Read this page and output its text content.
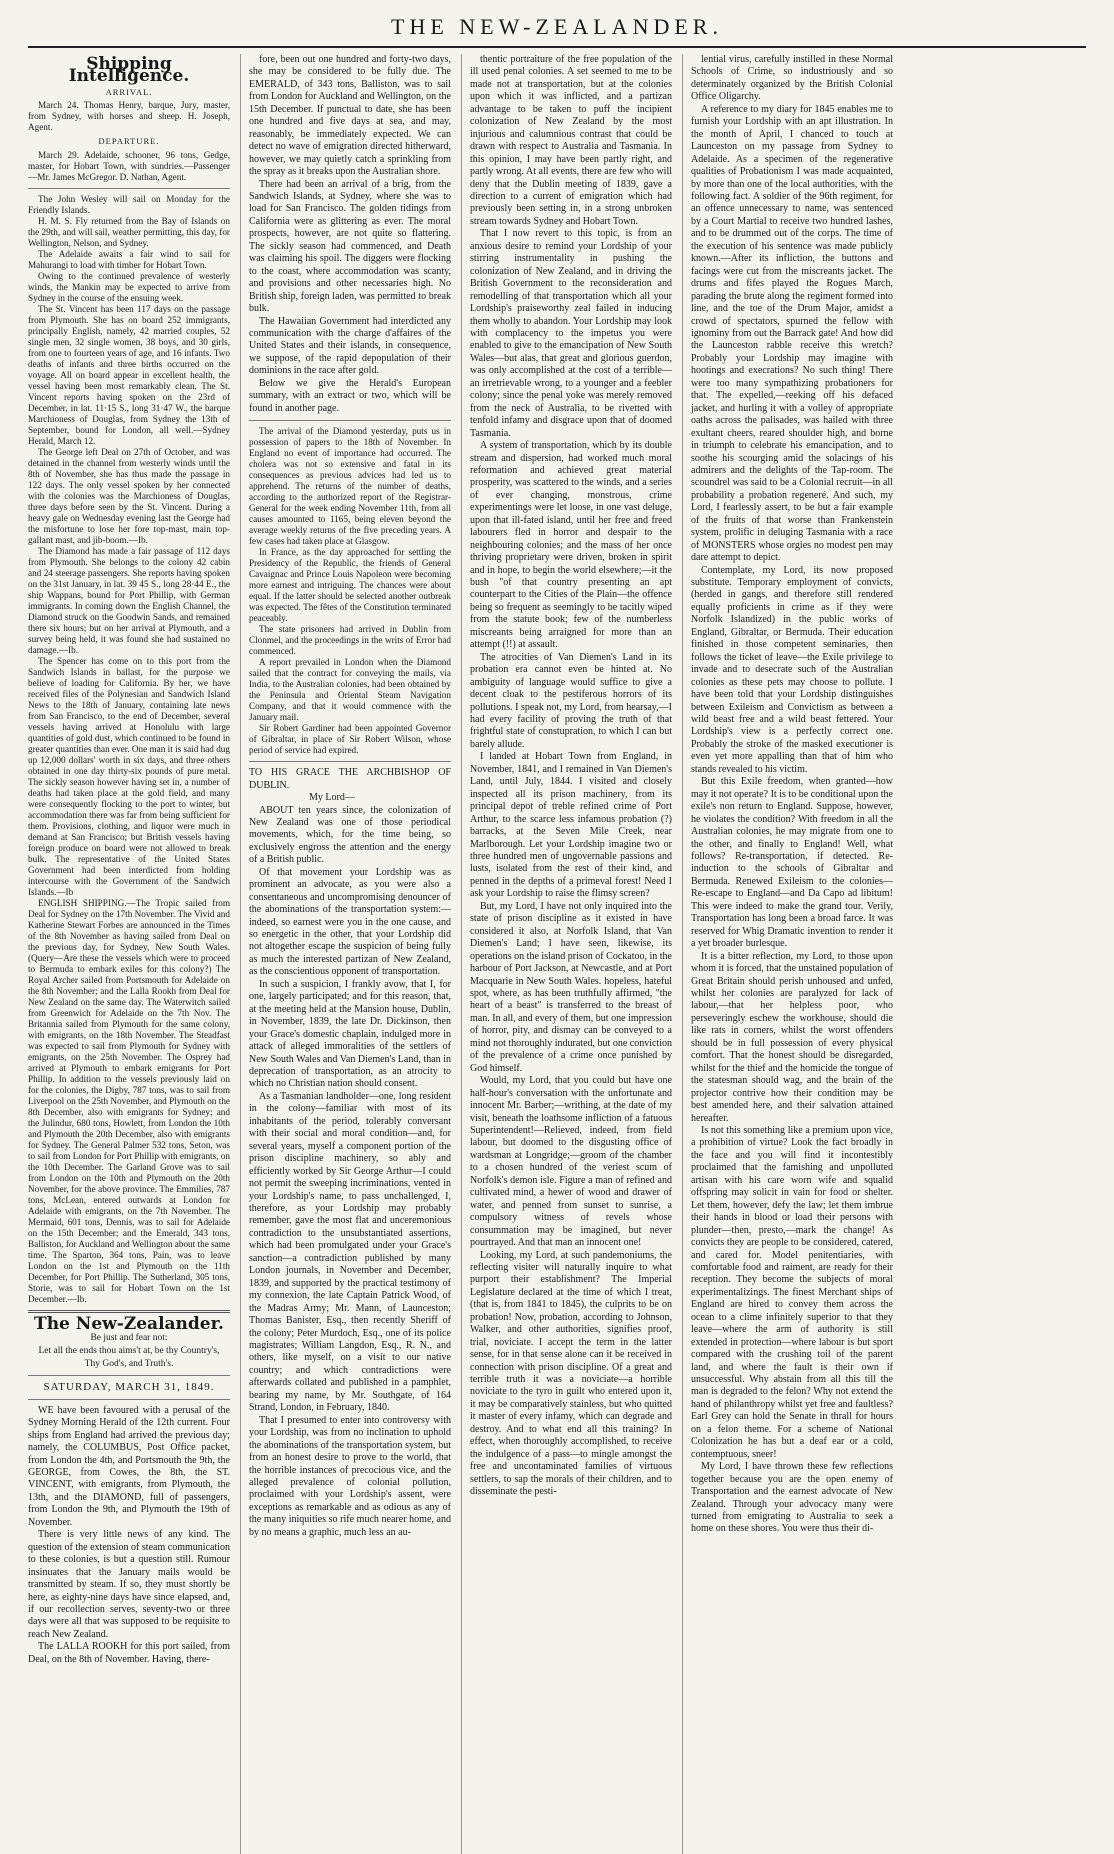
THE NEW-ZEALANDER.
Shipping Intelligence.
ARRIVAL.

March 24. Thomas Henry, barque, Jury, master, from Sydney, with horses and sheep. H. Joseph, Agent.

DEPARTURE.

March 29. Adelaide, schooner, 96 tons, Gedge, master, for Hobart Town, with sundries.—Passenger —Mr. James McGregor. D. Nathan, Agent.

The John Wesley will sail on Monday for the Friendly Islands.

H. M. S. Fly returned from the Bay of Islands on the 29th, and will sail, weather permitting, this day, for Wellington, Nelson, and Sydney.

The Adelaide awaits a fair wind to sail for Mahurangi to load with timber for Hobart Town.

Owing to the continued prevalence of westerly winds, the Mankin may be expected to arrive from Sydney in the course of the ensuing week.

The St. Vincent has been 117 days on the passage from Plymouth. She has on board 252 immigrants, principally English, namely, 42 married couples, 52 single men, 32 single women, 38 boys, and 30 girls, from one to fourteen years of age, and 16 infants. Two deaths of infants and three births occurred on the voyage. All on board appear in excellent health, the vessel having been most remarkably clean. The St. Vincent reports having spoken on the 23rd of December, in lat. 11·15 S., long 31·47 W., the barque Marchioness of Douglas, from Sydney the 13th of September, bound for London, all well.—Sydney Herald, March 12.

The George left Deal on 27th of October, and was detained in the channel from westerly winds until the 8th of November, she has thus made the passage in 122 days. The only vessel spoken by her connected with the colonies was the Marchioness of Douglas, three days before seen by the St. Vincent. During a heavy gale on Wednesday evening last the George had the misfortune to lose her fore top-mast, main top-gallant mast, and jib-boom.—Ib.

The Diamond has made a fair passage of 112 days from Plymouth. She belongs to the colony 42 cabin and 24 steerage passengers. She reports having spoken on the 31st January, in lat. 39 45 S., long 28·44 E., the ship Wappans, bound for Port Phillip, with German immigrants. In coming down the English Channel, the Diamond struck on the Goodwin Sands, and remained there six hours; but on her arrival at Plymouth, and a survey being held, it was found she had sustained no damage.—Ib.

The Spencer has come on to this port from the Sandwich Islands in ballast, for the purpose we believe of loading for California. By her, we have received files of the Polynesian and Sandwich Island News to the 18th of January, containing late news from San Francisco, to the end of December, several vessels having arrived at Honolulu with large quantities of gold dust, which continued to be found in greater quantities than ever. One man it is said had dug up 12,000 dollars' worth in six days, and three others obtained in one day thirty-six pounds of pure metal. The sickly season however having set in, a number of deaths had taken place at the gold field, and many were consequently flocking to the port to winter, but accommodation there was far from being sufficient for them. Provisions, clothing, and liquor were much in demand at San Francisco; but British vessels having foreign produce on board were not allowed to break bulk. The representative of the United States Government had been interdicted from holding intercourse with the Government of the Sandwich Islands.—Ib

ENGLISH SHIPPING.—The Tropic sailed from Deal for Sydney on the 17th November. The Vivid and Katherine Stewart Forbes are announced in the Times of the 8th November as having sailed from Deal on the previous day, for Sydney, New South Wales. (Query—Are these the vessels which were to proceed to Bermuda to embark exiles for this colony?) The Royal Archer sailed from Portsmouth for Adelaide on the 8th November; and the Lalla Rookh from Deal for New Zealand on the same day. The Waterwitch sailed from Greenwich for Adelaide on the 7th Nov. The Britannia sailed from Plymouth for the same colony, with emigrants, on the 18th November. The Steadfast was expected to sail from Plymouth for Sydney with emigrants, on the 25th November. The Osprey had arrived at Plymouth to embark emigrants for Port Phillip. In addition to the vessels previously laid on for the colonies, the Digby, 787 tons, was to sail from Liverpool on the 25th November, and Plymouth on the 8th December, also with emigrants for Sydney; and the Julindur, 680 tons, Howlett, from London the 10th and Plymouth the 20th December, also with emigrants for Sydney. The General Palmer 532 tons, Seton, was to sail from London for Port Phillip with emigrants, on the 10th December. The Garland Grove was to sail from London on the 10th and Plymouth on the 20th November, for the above province. The Emmilies, 787 tons, McLean, entered outwards at London for Adelaide with emigrants, on the 7th November. The Mermaid, 601 tons, Dennis, was to sail for Adelaide on the 15th December; and the Emerald, 343 tons, Balliston, for Auckland and Wellington about the same time. The Sparton, 364 tons, Pain, was to leave London on the 1st and Plymouth on the 11th December, for Port Phillip. The Sutherland, 305 tons, Storie, was to sail for Hobart Town on the 1st December.—Ib.

The New-Zealander.
Be just and fear not:
Let all the ends thou aims't at, be thy Country's,
Thy God's, and Truth's.
SATURDAY, MARCH 31, 1849.

WE have been favoured with a perusal of the Sydney Morning Herald of the 12th current. Four ships from England had arrived the previous day; namely, the COLUMBUS, Post Office packet, from London the 4th, and Portsmouth the 9th, the GEORGE, from Cowes, the 8th, the ST. VINCENT, with emigrants, from Plymouth, the 13th, and the DIAMOND, full of passengers, from London the 9th, and Plymouth the 19th of November.

There is very little news of any kind. The question of the extension of steam communication to these colonies, is but a question still. Rumour insinuates that the January mails would be transmitted by steam. If so, they must shortly be here, as eighty-nine days have since elapsed, and, if our recollection serves, seventy-two or three days were all that was supposed to be requisite to reach New Zealand.

The LALLA ROOKH for this port sailed, from Deal, on the 8th of November. Having, there-

fore, been out one hundred and forty-two days, she may be considered to be fully due. The EMERALD, of 343 tons, Balliston, was to sail from London for Auckland and Wellington, on the 15th December. If punctual to date, she has been one hundred and five days at sea, and may, reasonably, be immediately expected. We can detect no wave of emigration directed hitherward, however, we may quietly catch a sprinkling from the spray as it breaks upon the Australian shore.

There had been an arrival of a brig, from the Sandwich Islands, at Sydney, where she was to load for San Francisco. The golden tidings from California were as glittering as ever. The moral prospects, however, are not quite so flattering. The sickly season had commenced, and Death was claiming his spoil. The diggers were flocking to the coast, where accommodation was scanty, and provisions and other necessaries high. No British ship, foreign laden, was permitted to break bulk.

The Hawaiian Government had interdicted any communication with the charge d'affaires of the United States and their islands, in consequence, we suppose, of the rapid depopulation of their dominions in the race after gold.

Below we give the Herald's European summary, with an extract or two, which will be found in another page.

The arrival of the Diamond yesterday, puts us in possession of papers to the 18th of November. In England no event of importance had occurred. The cholera was not so extensive and fatal in its consequences as previous advices had led us to apprehend. The returns of the number of deaths, according to the authorized report of the Registrar-General for the week ending November 11th, from all causes amounted to 1165, being eleven beyond the average weekly returns of the five preceding years. A few cases had taken place at Glasgow.

In France, as the day approached for settling the Presidency of the Republic, the friends of General Cavaignac and Prince Louis Napoleon were becoming more earnest and intriguing. The chances were about equal. If the latter should be selected another outbreak was expected. The fêtes of the Constitution terminated peaceably.

The state prisoners had arrived in Dublin from Clonmel, and the proceedings in the writs of Error had commenced.

A report prevailed in London when the Diamond sailed that the contract for conveying the mails, via India, to the Australian colonies, had been obtained by the Peninsula and Oriental Steam Navigation Company, and that it would commence with the January mail.

Sir Robert Gardiner had been appointed Governor of Gibraltar, in place of Sir Robert Wilson, whose period of service had expired.

TO HIS GRACE THE ARCHBISHOP OF DUBLIN.
My Lord—

ABOUT ten years since, the colonization of New Zealand was one of those periodical movements, which, for the time being, so exclusively engross the attention and the energy of a British public.

Of that movement your Lordship was as prominent an advocate, as you were also a consentaneous and uncompromising denouncer of the abominations of the transportation system:—indeed, so earnest were you in the one cause, and so energetic in the other, that your Lordship did not altogether escape the suspicion of being fully as much the interested partizan of New Zealand, as the conscientious opponent of transportation.

In such a suspicion, I frankly avow, that I, for one, largely participated; and for this reason, that, at the meeting held at the Mansion house, Dublin, in November, 1839, the late Dr. Dickinson, then your Grace's domestic chaplain, indulged more in attack of alleged immoralities of the settlers of New South Wales and Van Diemen's Land, than in deprecation of transportation, as an atrocity to which no Christian nation should consent.

As a Tasmanian landholder—one, long resident in the colony—familiar with most of its inhabitants of the period, tolerably conversant with their social and moral condition—and, for several years, myself a component portion of the prison discipline machinery, so ably and efficiently worked by Sir George Arthur—I could not permit the sweeping incriminations, vented in your Lordship's name, to pass unchallenged, I, therefore, as your Lordship may probably remember, gave the most flat and unceremonious contradiction to the unsubstantiated assertions, which had been promulgated under your Grace's sanction—a contradiction published by many London journals, in November and December, 1839, and supported by the practical testimony of my connexion, the late Captain Patrick Wood, of the Madras Army; Mr. Mann, of Launceston; Thomas Banister, Esq., then recently Sheriff of the colony; Peter Murdoch, Esq., one of its police magistrates; William Langdon, Esq., R. N., and others, like myself, on a visit to our native country; and which contradictions were afterwards collated and published in a pamphlet, bearing my name, by Mr. Southgate, of 164 Strand, London, in February, 1840.

That I presumed to enter into controversy with your Lordship, was from no inclination to uphold the abominations of the transportation system, but from an honest desire to prove to the world, that the horrible instances of precocious vice, and the alleged prevalence of colonial pollution, proclaimed with your Lordship's assent, were exceptions as remarkable and as odious as any of the many iniquities so rife much nearer home, and by no means a graphic, much less an au-

thentic portraiture of the free population of the ill used penal colonies. A set seemed to me to be made not at transportation, but at the colonies upon which it was inflicted, and a partizan advantage to be taken to puff the incipient colonization of New Zealand by the most injurious and calumnious contrast that could be drawn with respect to Australia and Tasmania. In this opinion, I may have been partly right, and partly wrong. At all events, there are few who will deny that the Dublin meeting of 1839, gave a direction to a current of emigration which had previously been setting in, in a strong unbroken stream towards Sydney and Hobart Town.

That I now revert to this topic, is from an anxious desire to remind your Lordship of your stirring instrumentality in pushing the colonization of New Zealand, and in driving the British Government to the reconsideration and remodelling of that transportation which all your Lordship's praiseworthy zeal failed in inducing them wholly to abandon. Your Lordship may look with complacency to the impetus you were enabled to give to the emancipation of New South Wales—but alas, that great and glorious guerdon, was only accomplished at the cost of a terrible—an irretrievable wrong, to a younger and a feebler colony; since the penal yoke was merely removed from the neck of Australia, to be rivetted with tenfold infamy and disgrace upon that of doomed Tasmania.

A system of transportation, which by its double stream and dispersion, had worked much moral reformation and achieved great material prosperity, was scattered to the winds, and a series of ever changing, monstrous, crime experimentings were let loose, in one vast deluge, upon that ill-fated island, until her free and freed labourers fled in horror and despair to the neighbouring colonies; and the mass of her once thriving proprietary were driven, broken in spirit and in hope, to begin the world elsewhere;—it the bush "of that country presenting an apt counterpart to the Cities of the Plain—the offence being so frequent as seemingly to be tacitly wiped from the statute book; few of the numberless miscreants being arraigned for more than an attempt (!!) at assault.

The atrocities of Van Diemen's Land in its probation era cannot even be hinted at. No ambiguity of language would suffice to give a decent cloak to the pestiferous horrors of its pollutions. I speak not, my Lord, from hearsay,—I had every facility of proving the truth of that frightful state of constupration, to which I can but barely allude.

I landed at Hobart Town from England, in November, 1841, and I remained in Van Diemen's Land, until July, 1844. I visited and closely inspected all its prison machinery, from its principal depot of treble refined crime of Port Arthur, to the scarce less infamous probation (?) barracks, at the Seven Mile Creek, near Marlborough. Let your Lordship imagine two or three hundred men of ungovernable passions and lusts, isolated from the rest of their kind, and penned in the depths of a primeval forest! Need I ask your Lordship to raise the flimsy screen?

But, my Lord, I have not only inquired into the state of prison discipline as it existed in have considered it also, at Norfolk Island, that Van Diemen's Land; I have seen, likewise, its operations on the island prison of Cockatoo, in the harbour of Port Jackson, at Newcastle, and at Port Macquarie in New South Wales. hopeless, hateful spot, where, as has been truthfully affirmed, "the heart of a beast" is transferred to the breast of man. In all, and every of them, but one impression of horror, pity, and dismay can be conveyed to a mind not thoroughly indurated, but one conviction of the prevalence of a crime once punished by God himself.

Would, my Lord, that you could but have one half-hour's conversation with the unfortunate and innocent Mr. Barber;—writhing, at the date of my visit, beneath the loathsome infliction of a fatuous Superintendent!—Relieved, indeed, from field labour, but doomed to the disgusting office of wardsman at Longridge;—groom of the chamber to a chosen hundred of the veriest scum of Norfolk's demon isle. Figure a man of refined and cultivated mind, a hewer of wood and drawer of water, and penned from sunset to sunrise, a compulsory witness of revels whose consummation may be imagined, but never pourtrayed. And that man an innocent one!

Looking, my Lord, at such pandemoniums, the reflecting visiter will naturally inquire to what purport their establishment? The Imperial Legislature declared at the time of which I treat, (that is, from 1841 to 1845), the culprits to be on probation! Now, probation, according to Johnson, Walker, and other authorities, signifies proof, trial, noviciate. I accept the term in the latter sense, for in that sense alone can it be received in connection with prison discipline. Of a great and terrible truth it was a noviciate—a horrible noviciate to the tyro in guilt who entered upon it, it may be comparatively stainless, but who quitted it master of every infamy, which can degrade and destroy. And to what end all this training? In effect, when thoroughly accomplished, to receive the indulgence of a pass—to mingle amongst the free and uncontaminated families of virtuous settlers, to sap the morals of their children, and to disseminate the pesti-

lential virus, carefully instilled in these Normal Schools of Crime, so industriously and so determinately organized by the British Colonial Office Oligarchy.

A reference to my diary for 1845 enables me to furnish your Lordship with an apt illustration. In the month of April, I chanced to touch at Launceston on my passage from Sydney to Adelaide. As a specimen of the regenerative qualities of Probationism I was made acquainted, by more than one of the local authorities, with the following fact. A soldier of the 96th regiment, for an offence unnecessary to name, was sentenced by a Court Martial to receive two hundred lashes, and to be drummed out of the corps. The time of the execution of his sentence was made publicly known.—After its infliction, the buttons and facings were cut from the miscreants jacket. The drums and fifes played the Rogues March, parading the brute along the regiment formed into line, and the toe of the Drum Major, amidst a crowd of spectators, spurned the fellow with ignominy from out the Barrack gate! And how did the Launceston rabble receive this wretch? Probably your Lordship may imagine with hootings and execrations? No such thing! There were too many sympathizing probationers for that. The expelled,—reeking off his defaced jacket, and hurling it with a volley of appropriate oaths across the palisades, was hailed with three exultant cheers, reared shoulder high, and borne in triumph to celebrate his emancipation, and to soothe his scourging amid the solacings of his admirers and the delights of the Tap-room. The scoundrel was said to be a Colonial recruit—in all probability a probation regeneré. And such, my Lord, I fearlessly assert, to be but a fair example of the fruits of that worse than Frankenstein system, prolific in deluging Tasmania with a race of MONSTERS whose orgies no modest pen may dare attempt to depict.

Contemplate, my Lord, its now proposed substitute. Temporary employment of convicts, (herded in gangs, and therefore still rendered equally proficients in crime as if they were Norfolk Islandized) in the public works of England, Gibraltar, or Bermuda. Their education finished in those competent seminaries, then follows the ticket of leave—the Exile privilege to invade and to desecrate such of the Australian colonies as these pets may choose to pollute. I have been told that your Lordship distinguishes between Exileism and Convictism as between a wild beast free and a wild beast fettered. Your Lordship's view is a perfectly correct one. Probably the stroke of the masked executioner is even yet more appalling than that of him who stands revealed to his victim.

But this Exile freedom, when granted—how may it not operate? It is to be conditional upon the exile's non return to England. Suppose, however, he violates the condition? With freedom in all the Australian colonies, he may migrate from one to the other, and finally to England! Well, what follows? Re-transportation, if detected. Re-induction to the schools of Gibraltar and Bermuda. Renewed Exileism to the colonies—Re-escape to England—and Da Capo ad libitum! This were indeed to make the grand tour. Verily, Transportation has long been a broad farce. It was reserved for Whig Dramatic invention to render it a yet broader burlesque.

It is a bitter reflection, my Lord, to those upon whom it is forced, that the unstained population of Great Britain should perish unhoused and unfed, whilst her colonies are paralyzed for lack of labour,—that her helpless poor, who perseveringly eschew the workhouse, should die like rats in corners, whilst the worst offenders should be in full possession of every physical comfort. That the honest should be disregarded, whilst for the thief and the homicide the tongue of the statesman should wag, and the brain of the projector contrive how their condition may be best amended here, and their salvation attained hereafter.

Is not this something like a premium upon vice, a prohibition of virtue? Look the fact broadly in the face and you will find it incontestibly proclaimed that the famishing and unpolluted artisan with his care worn wife and squalid offspring may solicit in vain for food or shelter. Let them, however, defy the law; let them imbrue their hands in blood or load their persons with plunder—then, presto,—mark the change! As convicts they are people to be considered, catered, and cared for. Model penitentiaries, with comfortable food and raiment, are ready for their reception. They become the subjects of moral experimentalizings. The finest Merchant ships of England are hired to convey them across the ocean to a clime infinitely superior to that they leave—where the arm of authority is still extended in protection—where labour is but sport compared with the crushing toil of the parent land, and where the fault is their own if unsuccessful. Why abstain from all this till the man is degraded to the felon? Why not extend the hand of philanthropy whilst yet free and faultless? Earl Grey can hold the Senate in thrall for hours on a felon theme. For a scheme of National Colonization he has but a deaf ear or a cold, contemptuous, sneer!

My Lord, I have thrown these few reflections together because you are the open enemy of Transportation and the earnest advocate of New Zealand. Through your advocacy many were turned from emigrating to Australia to seek a home on these shores. You were thus their di-
